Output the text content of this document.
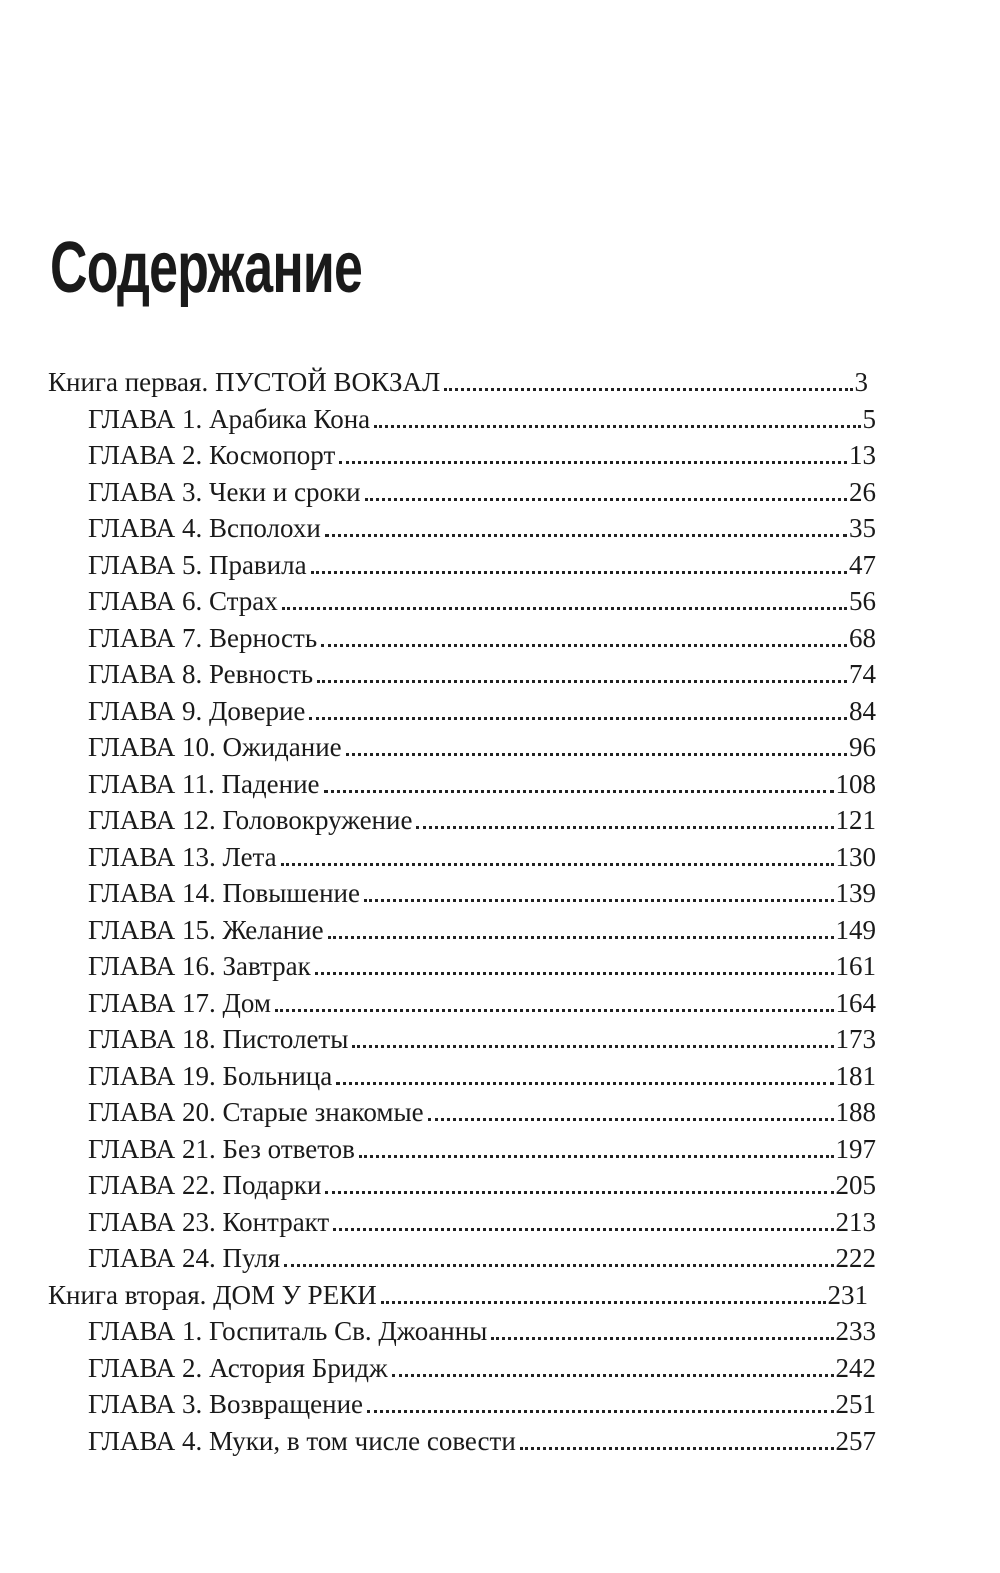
Содержание
Книга первая. ПУСТОЙ ВОКЗАЛ	3
ГЛАВА 1. Арабика Кона	5
ГЛАВА 2. Космопорт	13
ГЛАВА 3. Чеки и сроки	26
ГЛАВА 4. Всполохи	35
ГЛАВА 5. Правила	47
ГЛАВА 6. Страх	56
ГЛАВА 7. Верность	68
ГЛАВА 8. Ревность	74
ГЛАВА 9. Доверие	84
ГЛАВА 10. Ожидание	96
ГЛАВА 11. Падение	108
ГЛАВА 12. Головокружение	121
ГЛАВА 13. Лета	130
ГЛАВА 14. Повышение	139
ГЛАВА 15. Желание	149
ГЛАВА 16. Завтрак	161
ГЛАВА 17. Дом	164
ГЛАВА 18. Пистолеты	173
ГЛАВА 19. Больница	181
ГЛАВА 20. Старые знакомые	188
ГЛАВА 21. Без ответов	197
ГЛАВА 22. Подарки	205
ГЛАВА 23. Контракт	213
ГЛАВА 24. Пуля	222
Книга вторая. ДОМ У РЕКИ	231
ГЛАВА 1. Госпиталь Св. Джоанны	233
ГЛАВА 2. Астория Бридж	242
ГЛАВА 3. Возвращение	251
ГЛАВА 4. Муки, в том числе совести	257
